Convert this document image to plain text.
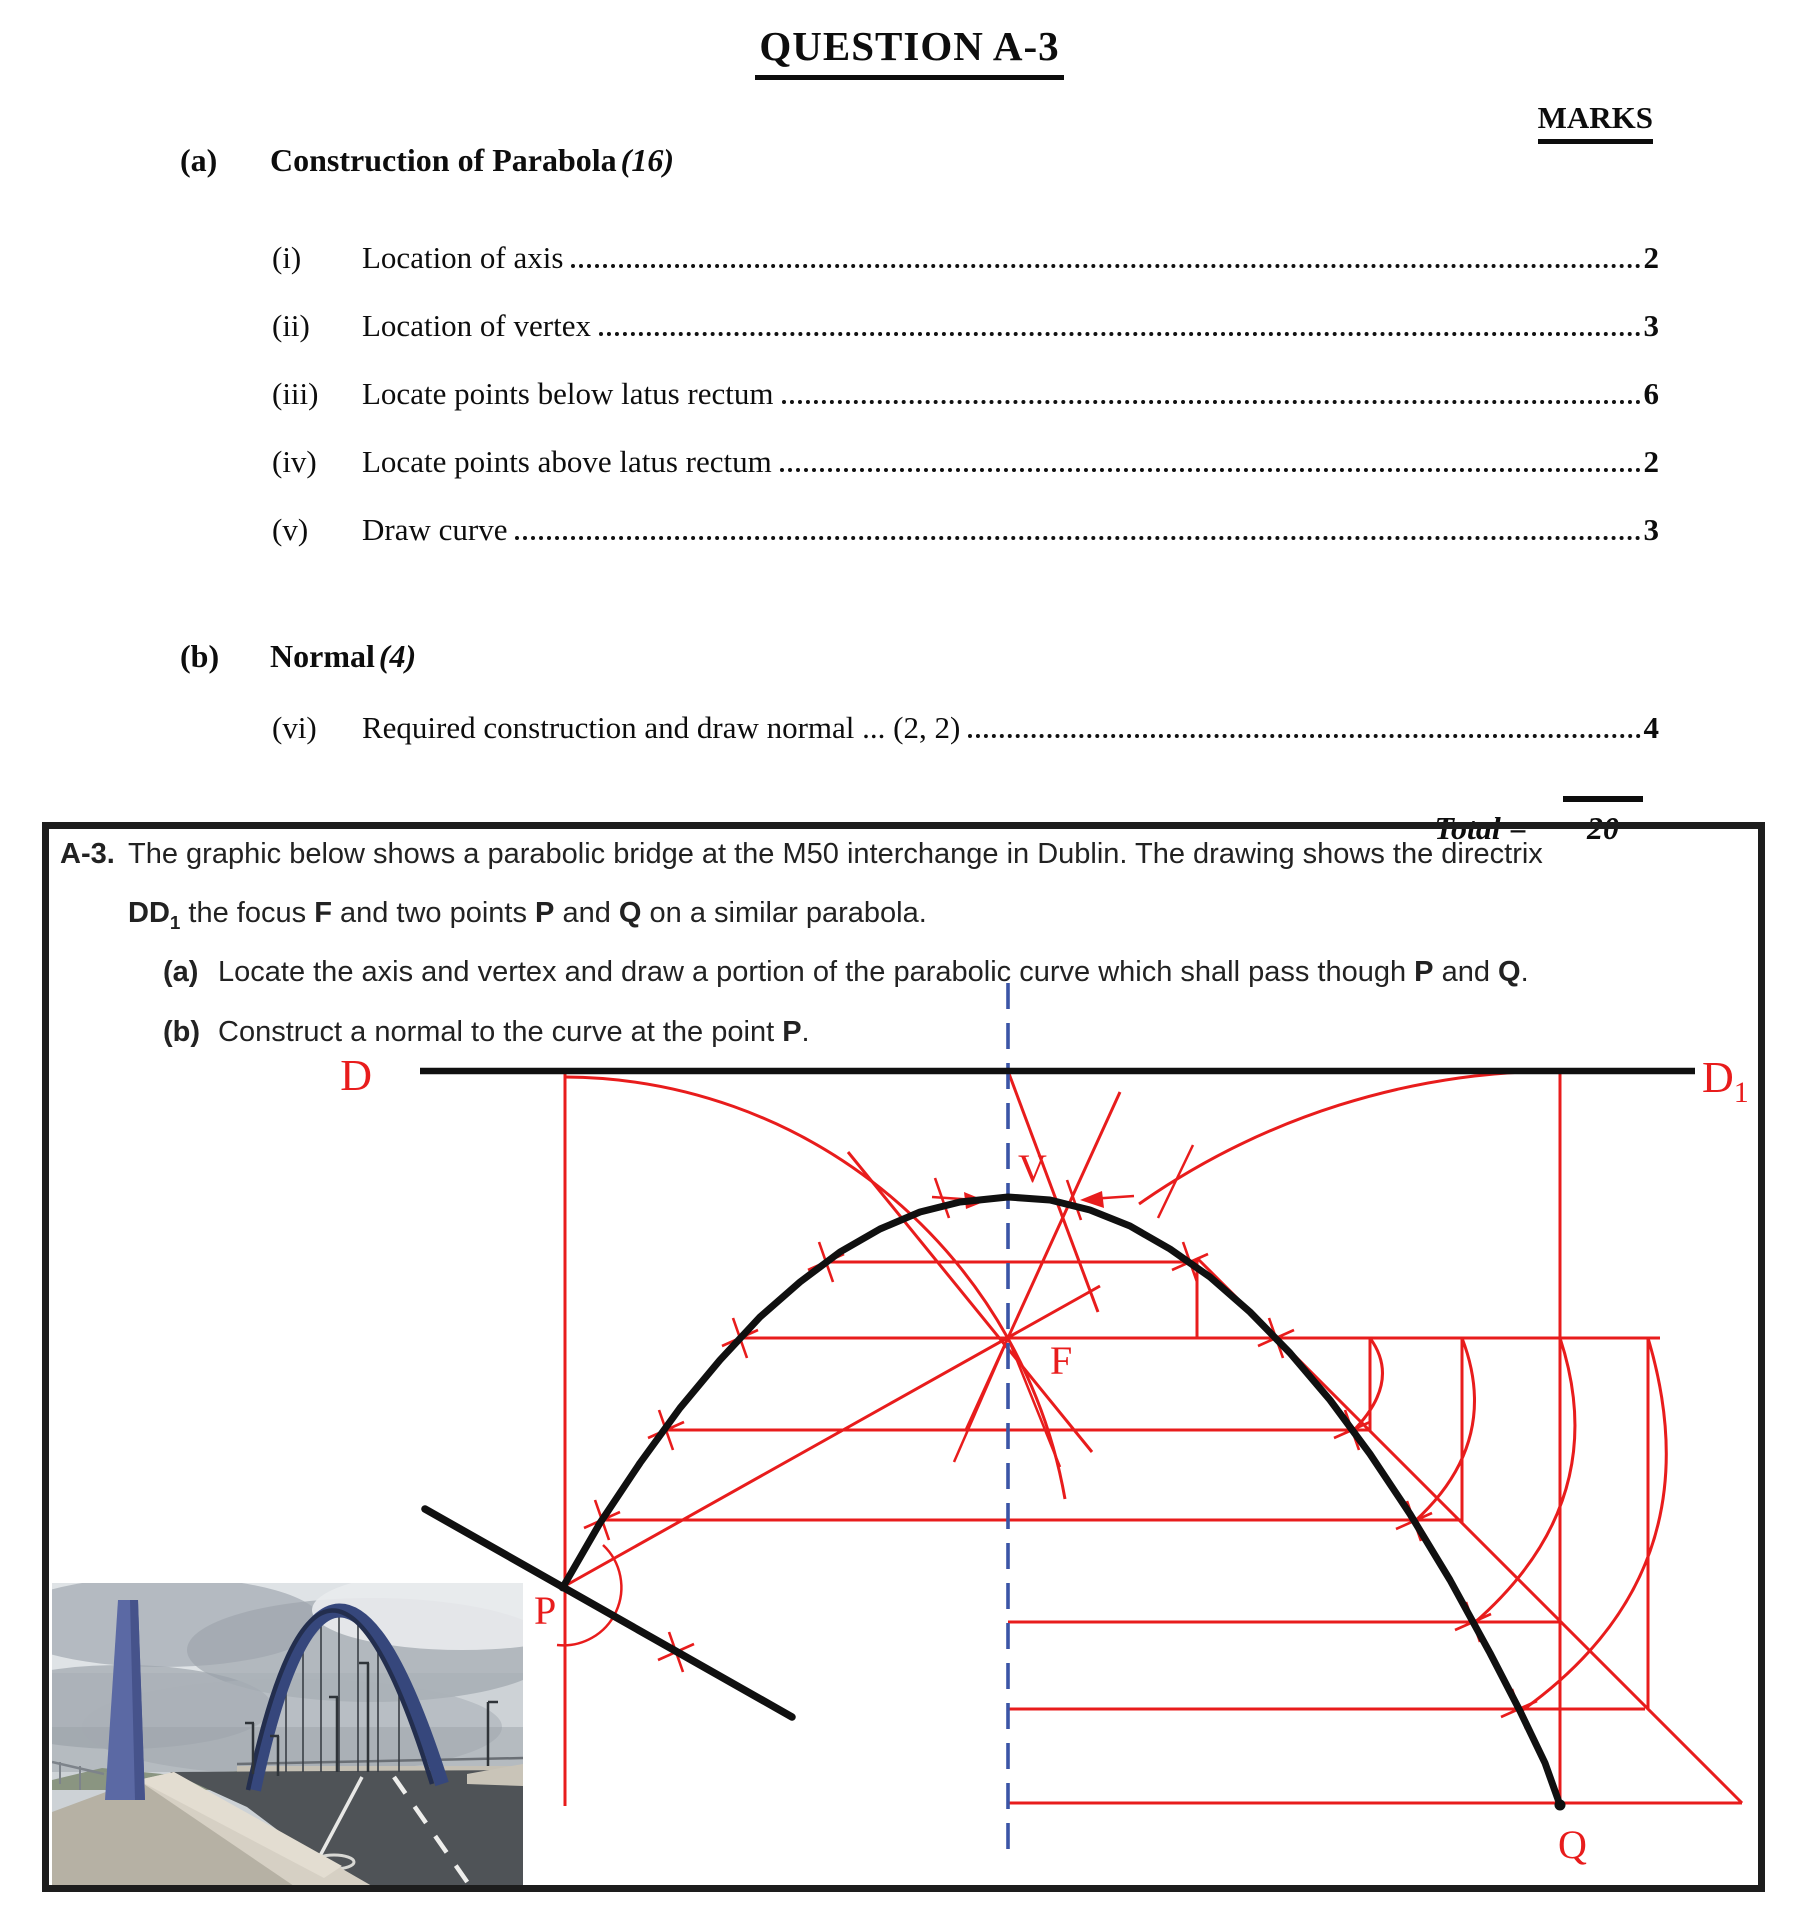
QUESTION A-3
MARKS
(a) Construction of Parabola (16)
(i)	Location of axis	2
(ii)	Location of vertex	3
(iii)	Locate points below latus rectum	6
(iv)	Locate points above latus rectum	2
(v)	Draw curve	3
(b) Normal (4)
(vi)	Required construction and draw normal ... (2, 2)	4
Total =	20
A-3. The graphic below shows a parabolic bridge at the M50 interchange in Dublin. The drawing shows the directrix
$DD_1$ the focus F and two points P and Q on a similar parabola.
(a) Locate the axis and vertex and draw a portion of the parabolic curve which shall pass though P and Q.
(b) Construct a normal to the curve at the point P.
D	$D_1$
V
F
P
Q
